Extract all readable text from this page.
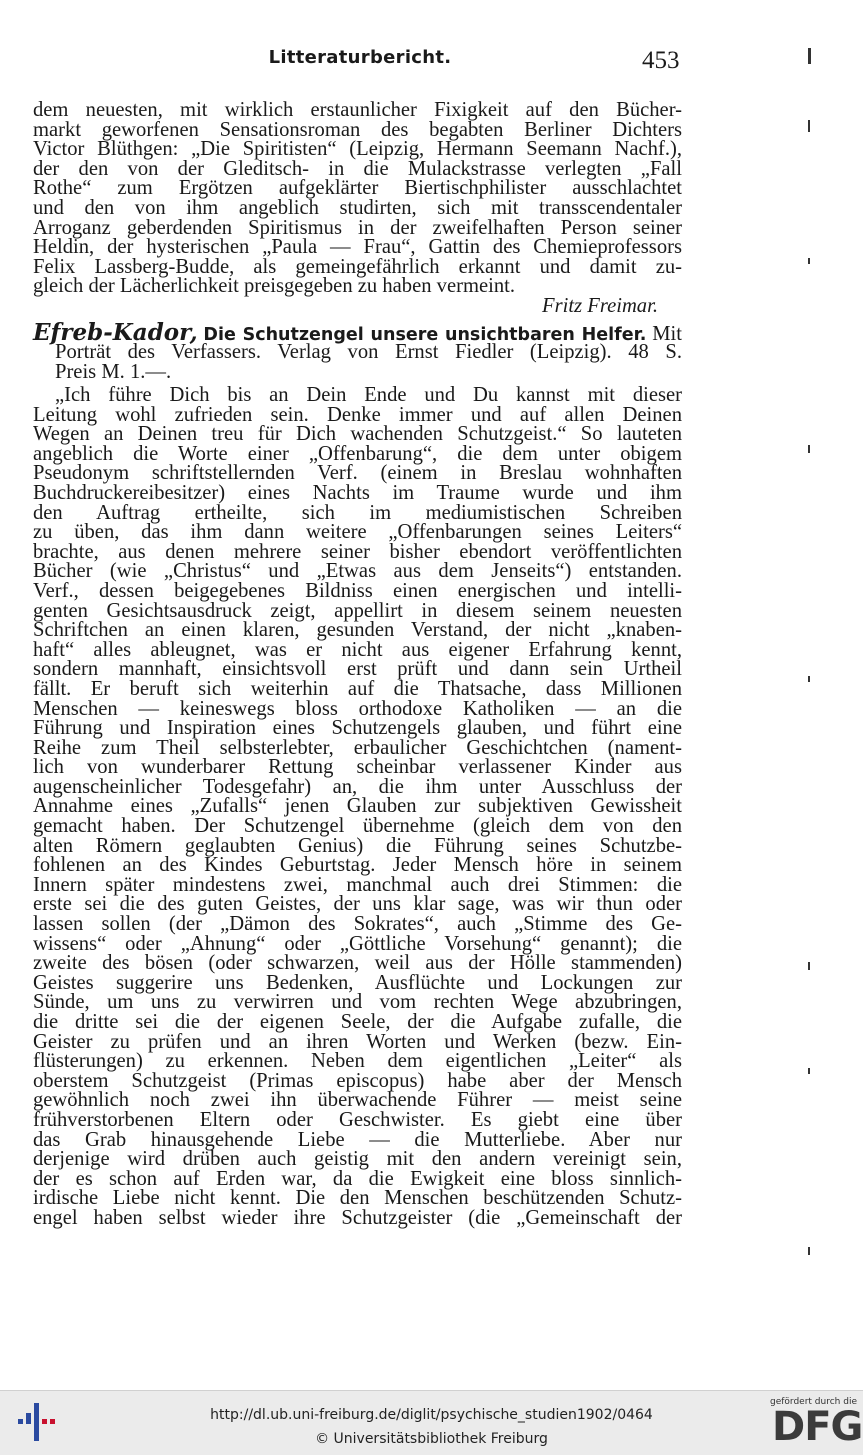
Litteraturbericht.	453
dem neuesten, mit wirklich erstaunlicher Fixigkeit auf den Bücher-
markt geworfenen Sensationsroman des begabten Berliner Dichters
Victor Blüthgen: „Die Spiritisten“ (Leipzig, Hermann Seemann Nachf.),
der den von der Gleditsch- in die Mulackstrasse verlegten „Fall
Rothe“ zum Ergötzen aufgeklärter Biertischphilister ausschlachtet
und den von ihm angeblich studirten, sich mit transscendentaler
Arroganz geberdenden Spiritismus in der zweifelhaften Person seiner
Heldin, der hysterischen „Paula — Frau“, Gattin des Chemieprofessors
Felix Lassberg-Budde, als gemeingefährlich erkannt und damit zu-
gleich der Lächerlichkeit preisgegeben zu haben vermeint.
Fritz Freimar.
Efreb-Kador, Die Schutzengel unsere unsichtbaren Helfer. Mit
Porträt des Verfassers. Verlag von Ernst Fiedler (Leipzig). 48 S.
Preis M. 1.—.
„Ich führe Dich bis an Dein Ende und Du kannst mit dieser
Leitung wohl zufrieden sein. Denke immer und auf allen Deinen
Wegen an Deinen treu für Dich wachenden Schutzgeist.“ So lauteten
angeblich die Worte einer „Offenbarung“, die dem unter obigem
Pseudonym schriftstellernden Verf. (einem in Breslau wohnhaften
Buchdruckereibesitzer) eines Nachts im Traume wurde und ihm
den Auftrag ertheilte, sich im mediumistischen Schreiben
zu üben, das ihm dann weitere „Offenbarungen seines Leiters“
brachte, aus denen mehrere seiner bisher ebendort veröffentlichten
Bücher (wie „Christus“ und „Etwas aus dem Jenseits“) entstanden.
Verf., dessen beigegebenes Bildniss einen energischen und intelli-
genten Gesichtsausdruck zeigt, appellirt in diesem seinem neuesten
Schriftchen an einen klaren, gesunden Verstand, der nicht „knaben-
haft“ alles ableugnet, was er nicht aus eigener Erfahrung kennt,
sondern mannhaft, einsichtsvoll erst prüft und dann sein Urtheil
fällt. Er beruft sich weiterhin auf die Thatsache, dass Millionen
Menschen — keineswegs bloss orthodoxe Katholiken — an die
Führung und Inspiration eines Schutzengels glauben, und führt eine
Reihe zum Theil selbsterlebter, erbaulicher Geschichtchen (nament-
lich von wunderbarer Rettung scheinbar verlassener Kinder aus
augenscheinlicher Todesgefahr) an, die ihm unter Ausschluss der
Annahme eines „Zufalls“ jenen Glauben zur subjektiven Gewissheit
gemacht haben. Der Schutzengel übernehme (gleich dem von den
alten Römern geglaubten Genius) die Führung seines Schutzbe-
fohlenen an des Kindes Geburtstag. Jeder Mensch höre in seinem
Innern später mindestens zwei, manchmal auch drei Stimmen: die
erste sei die des guten Geistes, der uns klar sage, was wir thun oder
lassen sollen (der „Dämon des Sokrates“, auch „Stimme des Ge-
wissens“ oder „Ahnung“ oder „Göttliche Vorsehung“ genannt); die
zweite des bösen (oder schwarzen, weil aus der Hölle stammenden)
Geistes suggerire uns Bedenken, Ausflüchte und Lockungen zur
Sünde, um uns zu verwirren und vom rechten Wege abzubringen,
die dritte sei die der eigenen Seele, der die Aufgabe zufalle, die
Geister zu prüfen und an ihren Worten und Werken (bezw. Ein-
flüsterungen) zu erkennen. Neben dem eigentlichen „Leiter“ als
oberstem Schutzgeist (Primas episcopus) habe aber der Mensch
gewöhnlich noch zwei ihn überwachende Führer — meist seine
frühverstorbenen Eltern oder Geschwister. Es giebt eine über
das Grab hinausgehende Liebe — die Mutterliebe. Aber nur
derjenige wird drüben auch geistig mit den andern vereinigt sein,
der es schon auf Erden war, da die Ewigkeit eine bloss sinnlich-
irdische Liebe nicht kennt. Die den Menschen beschützenden Schutz-
engel haben selbst wieder ihre Schutzgeister (die „Gemeinschaft der
http://dl.ub.uni-freiburg.de/diglit/psychische_studien1902/0464
© Universitätsbibliothek Freiburg
gefördert durch die
DFG
